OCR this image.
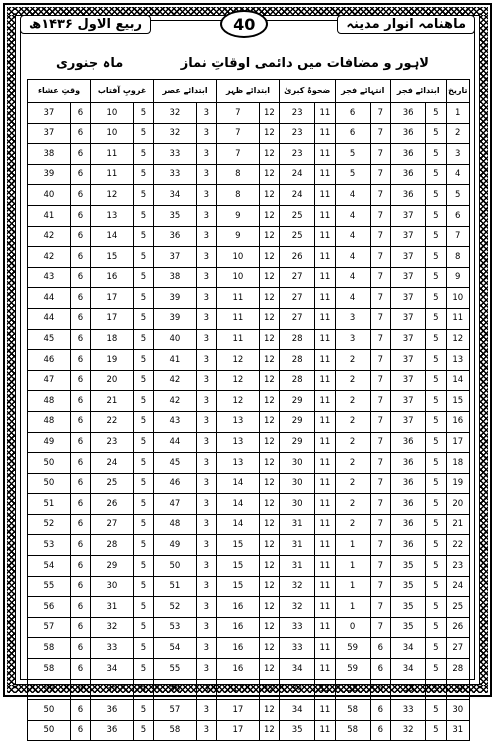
ربیع الاول ۱۴۳۶ھ	40	ماهنامہ انوار مدینہ
لاہور و مضافات میں دائمی اوقاتِ نماز
ماہ جنوری
تاریخ	ابتدائے فجر		انتہائے فجر		ضحوۂ کبریٰ		ابتدائے ظہر		ابتدائے عصر		غروبِ آفتاب		وقتِ عشاء	
1	5	36	7	6	11	23	12	7	3	32	5	10	6	37
2	5	36	7	6	11	23	12	7	3	32	5	10	6	37
3	5	36	7	5	11	23	12	7	3	33	5	11	6	38
4	5	36	7	5	11	24	12	8	3	33	5	11	6	39
5	5	36	7	4	11	24	12	8	3	34	5	12	6	40
6	5	37	7	4	11	25	12	9	3	35	5	13	6	41
7	5	37	7	4	11	25	12	9	3	36	5	14	6	42
8	5	37	7	4	11	26	12	10	3	37	5	15	6	42
9	5	37	7	4	11	27	12	10	3	38	5	16	6	43
10	5	37	7	4	11	27	12	11	3	39	5	17	6	44
11	5	37	7	3	11	27	12	11	3	39	5	17	6	44
12	5	37	7	3	11	28	12	11	3	40	5	18	6	45
13	5	37	7	2	11	28	12	12	3	41	5	19	6	46
14	5	37	7	2	11	28	12	12	3	42	5	20	6	47
15	5	37	7	2	11	29	12	12	3	42	5	21	6	48
16	5	37	7	2	11	29	12	13	3	43	5	22	6	48
17	5	36	7	2	11	29	12	13	3	44	5	23	6	49
18	5	36	7	2	11	30	12	13	3	45	5	24	6	50
19	5	36	7	2	11	30	12	14	3	46	5	25	6	50
20	5	36	7	2	11	30	12	14	3	47	5	26	6	51
21	5	36	7	2	11	31	12	14	3	48	5	27	6	52
22	5	36	7	1	11	31	12	15	3	49	5	28	6	53
23	5	35	7	1	11	31	12	15	3	50	5	29	6	54
24	5	35	7	1	11	32	12	15	3	51	5	30	6	55
25	5	35	7	1	11	32	12	16	3	52	5	31	6	56
26	5	35	7	0	11	33	12	16	3	53	5	32	6	57
27	5	34	6	59	11	33	12	16	3	54	5	33	6	58
28	5	34	6	59	11	34	12	16	3	55	5	34	6	58
29	5	33	6	58	11	34	12	17	3	56	5	35	6	59
30	5	33	6	58	11	34	12	17	3	57	5	36	6	50
31	5	32	6	58	11	35	12	17	3	58	5	36	6	50
